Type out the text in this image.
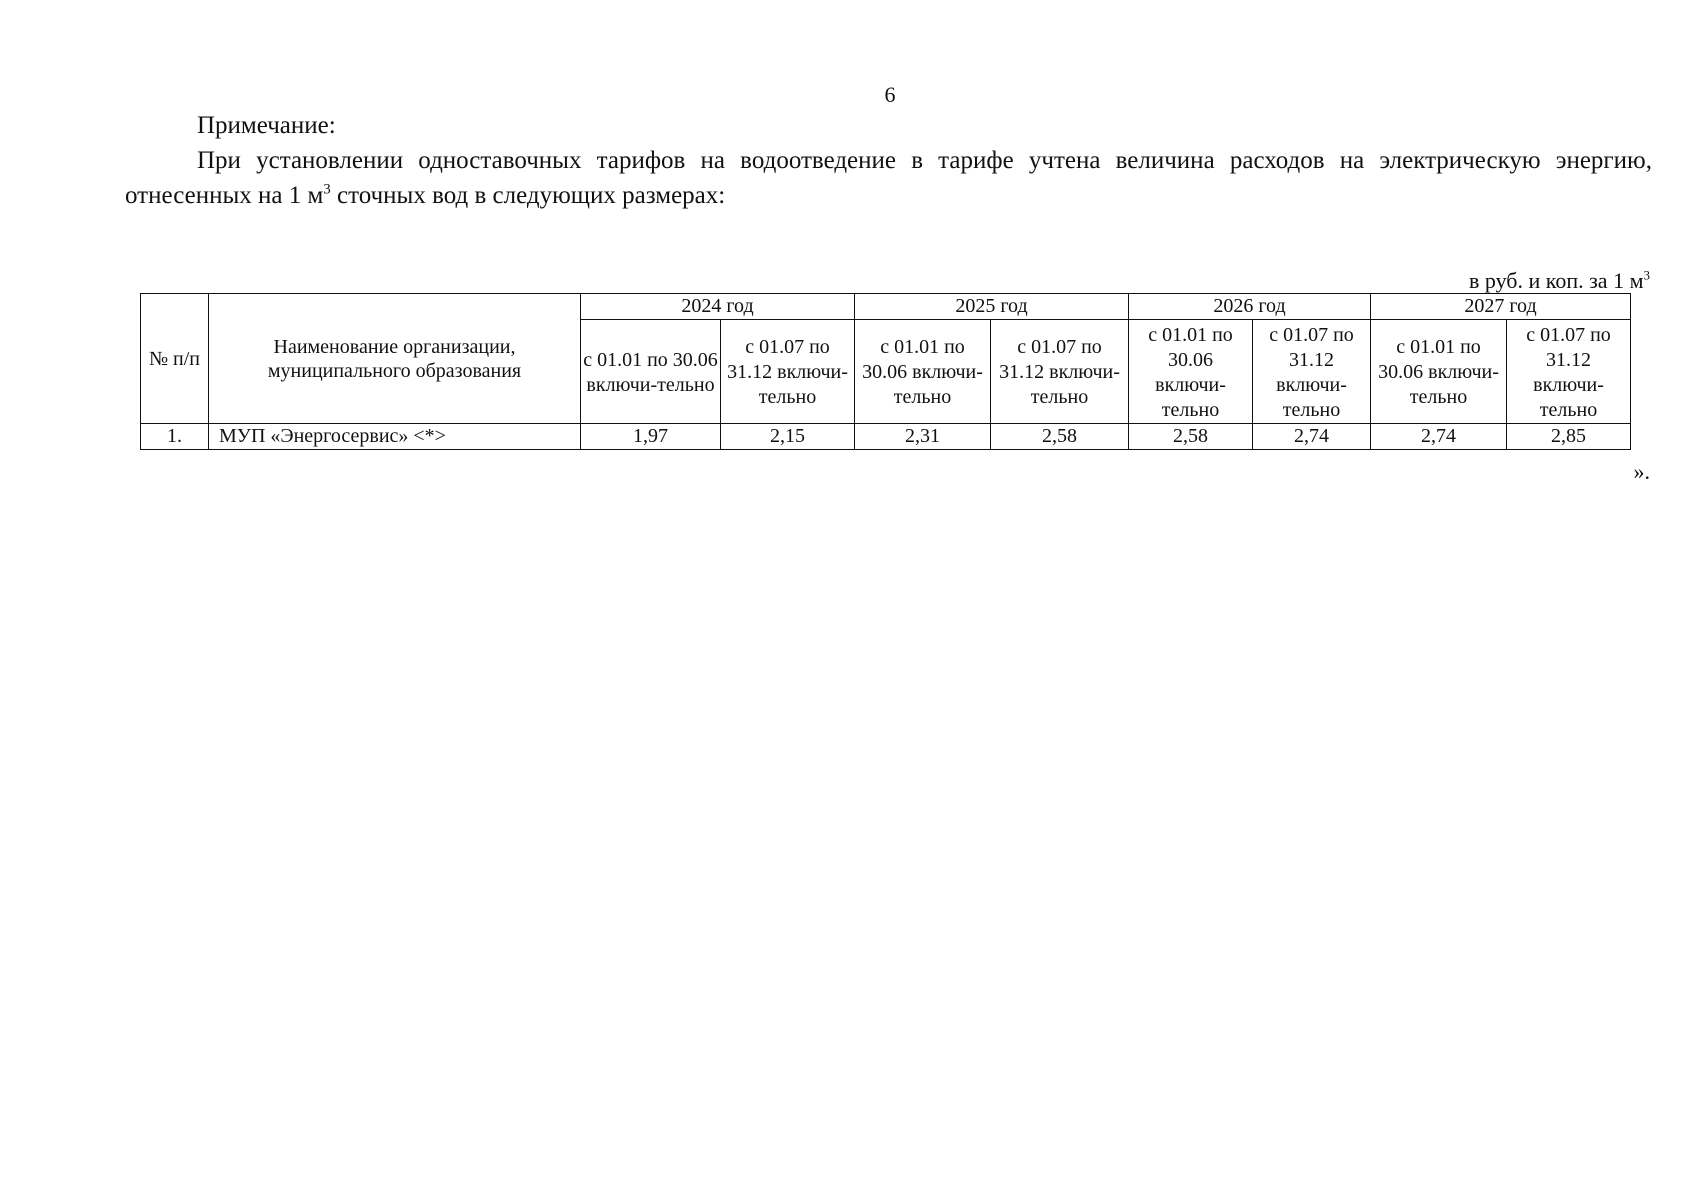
6
Примечание:
При установлении одноставочных тарифов на водоотведение в тарифе учтена величина расходов на электрическую энергию, отнесенных на 1 $м^3$ сточных вод в следующих размерах:
в руб. и коп. за 1 $м^3$
№ п/п	Наименование организации, муниципального образования	2024 год		2025 год		2026 год		2027 год	
		с 01.01 по 30.06 включи-тельно	с 01.07 по 31.12 включи-тельно	с 01.01 по 30.06 включи-тельно	с 01.07 по 31.12 включи-тельно	с 01.01 по 30.06 включи-тельно	с 01.07 по 31.12 включи-тельно	с 01.01 по 30.06 включи-тельно	с 01.07 по 31.12 включи-тельно
1.	МУП «Энергосервис» <*>	1,97	2,15	2,31	2,58	2,58	2,74	2,74	2,85
».
